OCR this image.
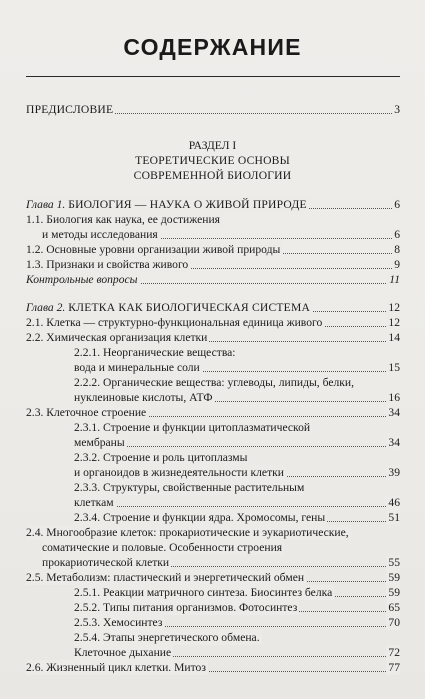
СОДЕРЖАНИЕ
ПРЕДИСЛОВИЕ	3
РАЗДЕЛ I
ТЕОРЕТИЧЕСКИЕ ОСНОВЫ
СОВРЕМЕННОЙ БИОЛОГИИ
Глава 1. БИОЛОГИЯ — НАУКА О ЖИВОЙ ПРИРОДЕ	6
1.1. Биология как наука, ее достижения
и методы исследования	6
1.2. Основные уровни организации живой природы	8
1.3. Признаки и свойства живого	9
Контрольные вопросы	11
Глава 2. КЛЕТКА КАК БИОЛОГИЧЕСКАЯ СИСТЕМА	12
2.1. Клетка — структурно-функциональная единица живого	12
2.2. Химическая организация клетки	14
2.2.1. Неорганические вещества:
вода и минеральные соли	15
2.2.2. Органические вещества: углеводы, липиды, белки,
нуклеиновые кислоты, АТФ	16
2.3. Клеточное строение	34
2.3.1. Строение и функции цитоплазматической
мембраны	34
2.3.2. Строение и роль цитоплазмы
и органоидов в жизнедеятельности клетки	39
2.3.3. Структуры, свойственные растительным
клеткам	46
2.3.4. Строение и функции ядра. Хромосомы, гены	51
2.4. Многообразие клеток: прокариотические и эукариотические,
соматические и половые. Особенности строения
прокариотической клетки	55
2.5. Метаболизм: пластический и энергетический обмен	59
2.5.1. Реакции матричного синтеза. Биосинтез белка	59
2.5.2. Типы питания организмов. Фотосинтез	65
2.5.3. Хемосинтез	70
2.5.4. Этапы энергетического обмена.
Клеточное дыхание	72
2.6. Жизненный цикл клетки. Митоз	77
